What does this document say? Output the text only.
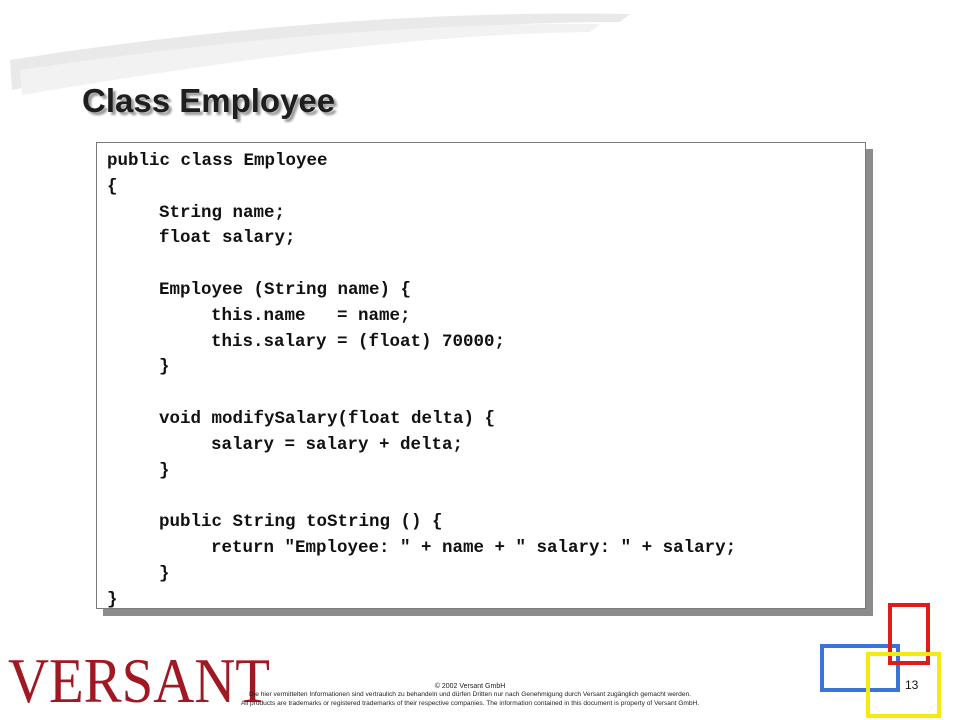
Class Employee
public class Employee
{
String name;
float salary;
Employee (String name) {
this.name   = name;
this.salary = (float) 70000;
}
void modifySalary(float delta) {
salary = salary + delta;
}
public String toString () {
return "Employee: " + name + " salary: " + salary;
}
}
VERSANT	© 2002 Versant GmbH
Die hier vermittelten Informationen sind vertraulich zu behandeln und dürfen Dritten nur nach Genehmigung durch Versant zugänglich gemacht werden.
All products are trademarks or registered trademarks of their respective companies. The information contained in this document is property of Versant GmbH.
13
